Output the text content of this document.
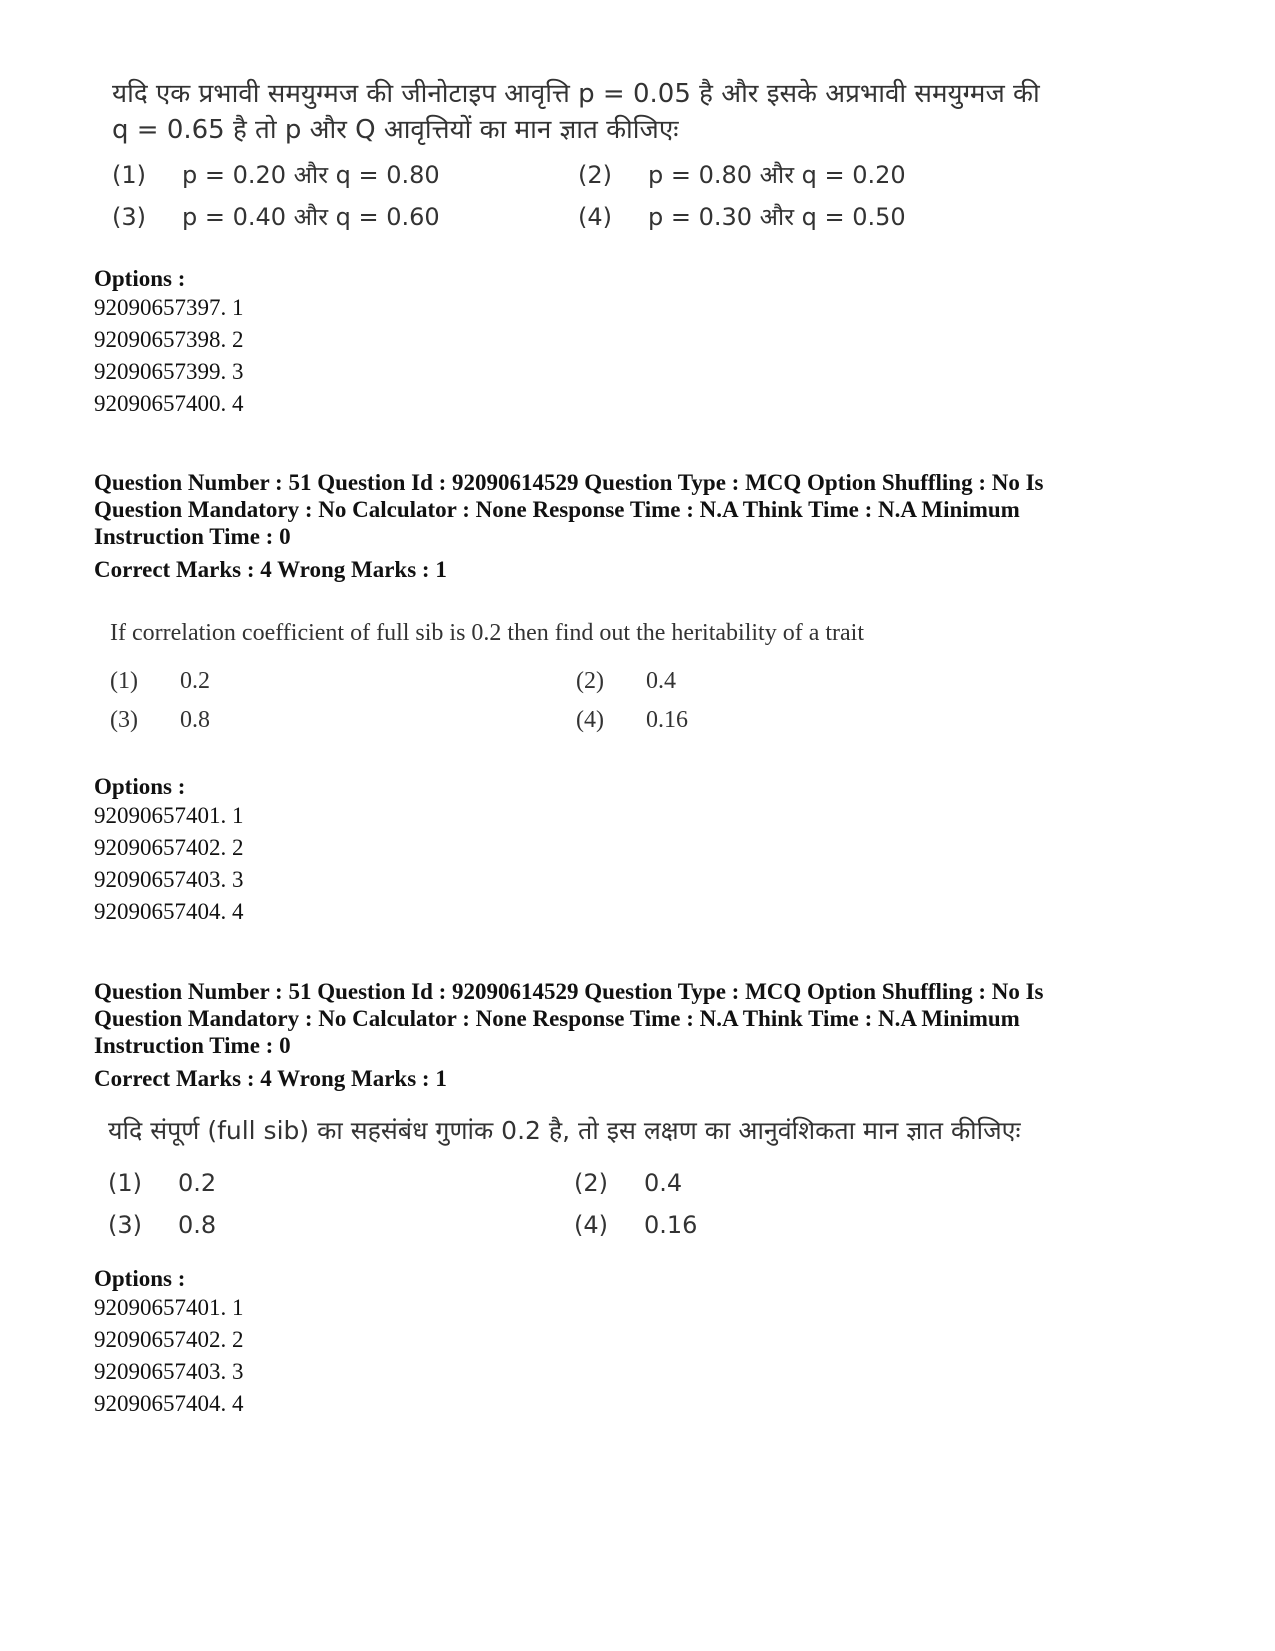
यदि एक प्रभावी समयुग्मज की जीनोटाइप आवृत्ति p = 0.05 है और इसके अप्रभावी समयुग्मज की
q = 0.65 है तो p और Q आवृत्तियों का मान ज्ञात कीजिएः
(1) p = 0.20 और q = 0.80	(2) p = 0.80 और q = 0.20
(3) p = 0.40 और q = 0.60	(4) p = 0.30 और q = 0.50
Options :
92090657397. 1
92090657398. 2
92090657399. 3
92090657400. 4
Question Number : 51 Question Id : 92090614529 Question Type : MCQ Option Shuffling : No Is
Question Mandatory : No Calculator : None Response Time : N.A Think Time : N.A Minimum
Instruction Time : 0
Correct Marks : 4 Wrong Marks : 1
If correlation coefficient of full sib is 0.2 then find out the heritability of a trait
(1) 0.2	(2) 0.4
(3) 0.8	(4) 0.16
Options :
92090657401. 1
92090657402. 2
92090657403. 3
92090657404. 4
Question Number : 51 Question Id : 92090614529 Question Type : MCQ Option Shuffling : No Is
Question Mandatory : No Calculator : None Response Time : N.A Think Time : N.A Minimum
Instruction Time : 0
Correct Marks : 4 Wrong Marks : 1
यदि संपूर्ण (full sib) का सहसंबंध गुणांक 0.2 है, तो इस लक्षण का आनुवंशिकता मान ज्ञात कीजिएः
(1) 0.2	(2) 0.4
(3) 0.8	(4) 0.16
Options :
92090657401. 1
92090657402. 2
92090657403. 3
92090657404. 4
